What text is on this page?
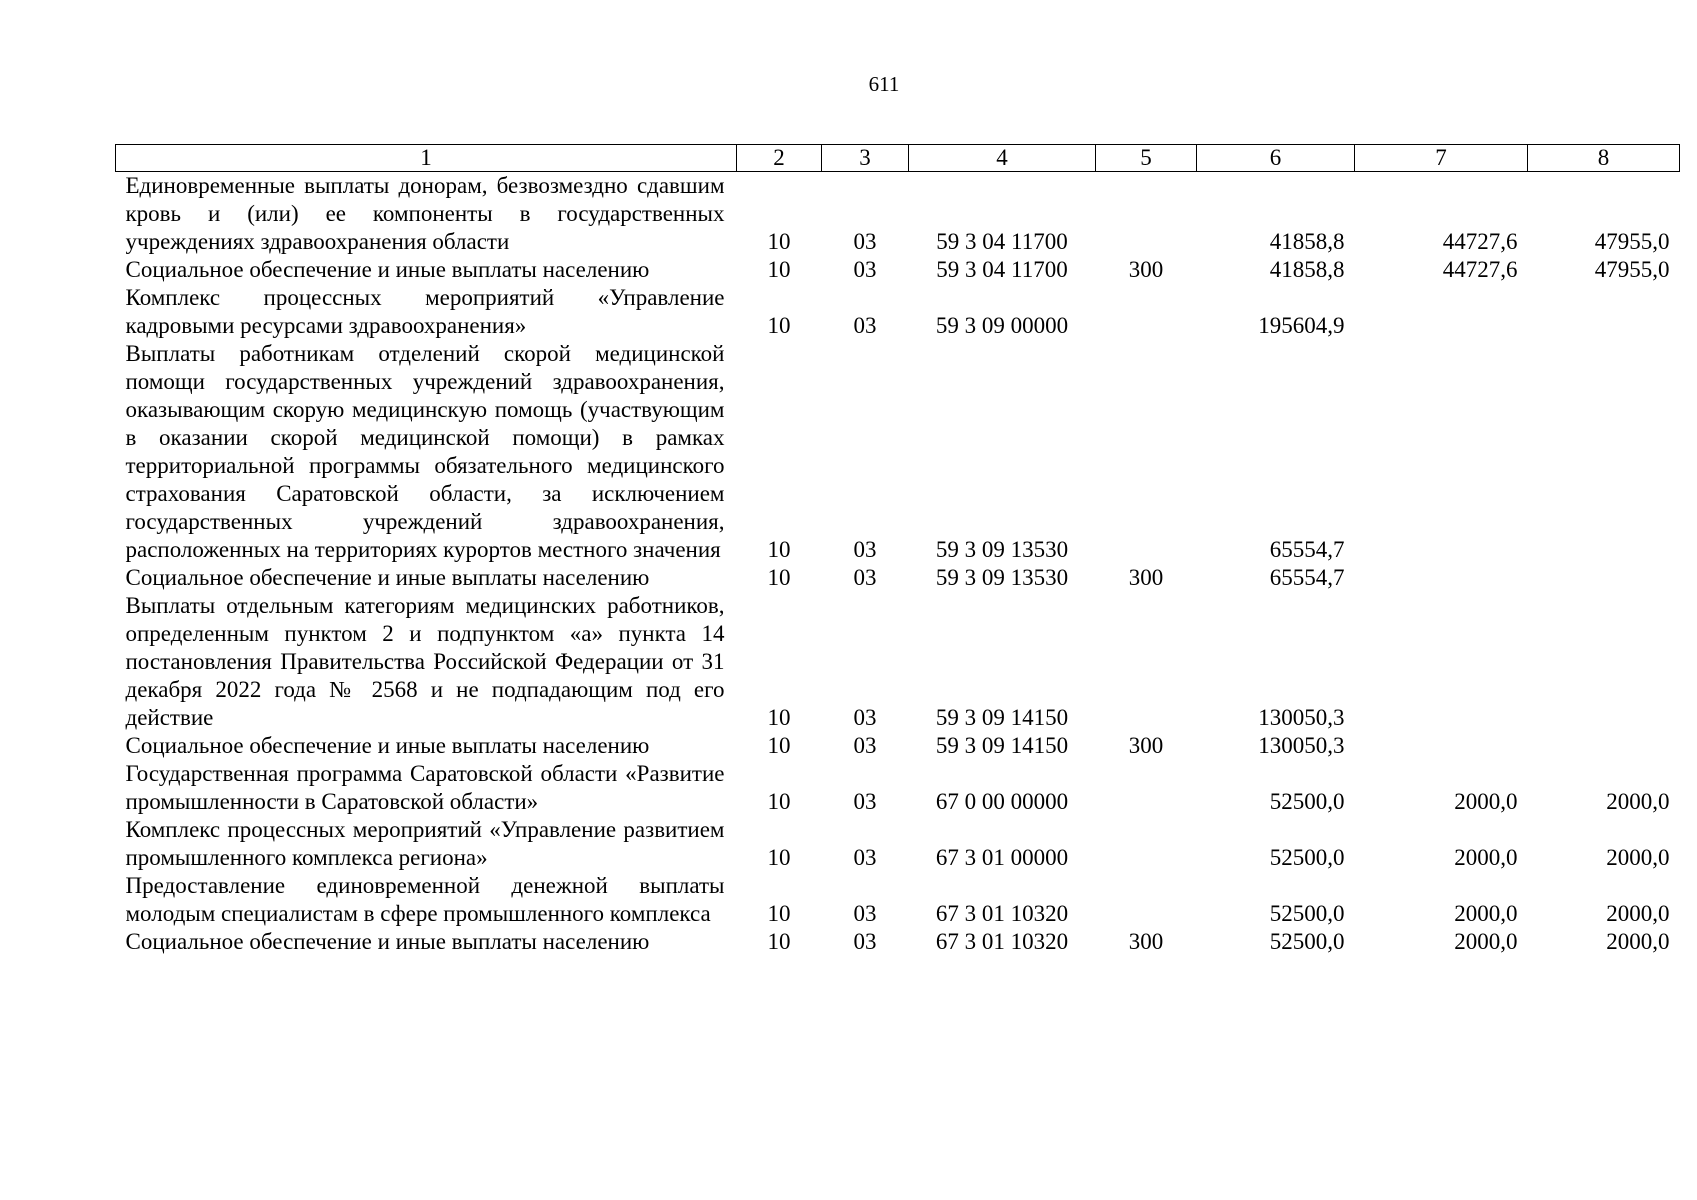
611
1	2	3	4	5	6	7	8
Единовременные выплаты донорам, безвозмездно сдавшим кровь и (или) ее компоненты в государственных учреждениях здравоохранения области	10	03	59 3 04 11700		41858,8	44727,6	47955,0
Социальное обеспечение и иные выплаты населению	10	03	59 3 04 11700	300	41858,8	44727,6	47955,0
Комплекс процессных мероприятий «Управление кадровыми ресурсами здравоохранения»	10	03	59 3 09 00000		195604,9		
Выплаты работникам отделений скорой медицинской помощи государственных учреждений здравоохранения, оказывающим скорую медицинскую помощь (участвующим в оказании скорой медицинской помощи) в рамках территориальной программы обязательного медицинского страхования Саратовской области, за исключением государственных учреждений здравоохранения, расположенных на территориях курортов местного значения	10	03	59 3 09 13530		65554,7		
Социальное обеспечение и иные выплаты населению	10	03	59 3 09 13530	300	65554,7		
Выплаты отдельным категориям медицинских работников, определенным пунктом 2 и подпунктом «а» пункта 14 постановления Правительства Российской Федерации от 31 декабря 2022 года № 2568 и не подпадающим под его действие	10	03	59 3 09 14150		130050,3		
Социальное обеспечение и иные выплаты населению	10	03	59 3 09 14150	300	130050,3		
Государственная программа Саратовской области «Развитие промышленности в Саратовской области»	10	03	67 0 00 00000		52500,0	2000,0	2000,0
Комплекс процессных мероприятий «Управление развитием промышленного комплекса региона»	10	03	67 3 01 00000		52500,0	2000,0	2000,0
Предоставление единовременной денежной выплаты молодым специалистам в сфере промышленного комплекса	10	03	67 3 01 10320		52500,0	2000,0	2000,0
Социальное обеспечение и иные выплаты населению	10	03	67 3 01 10320	300	52500,0	2000,0	2000,0
